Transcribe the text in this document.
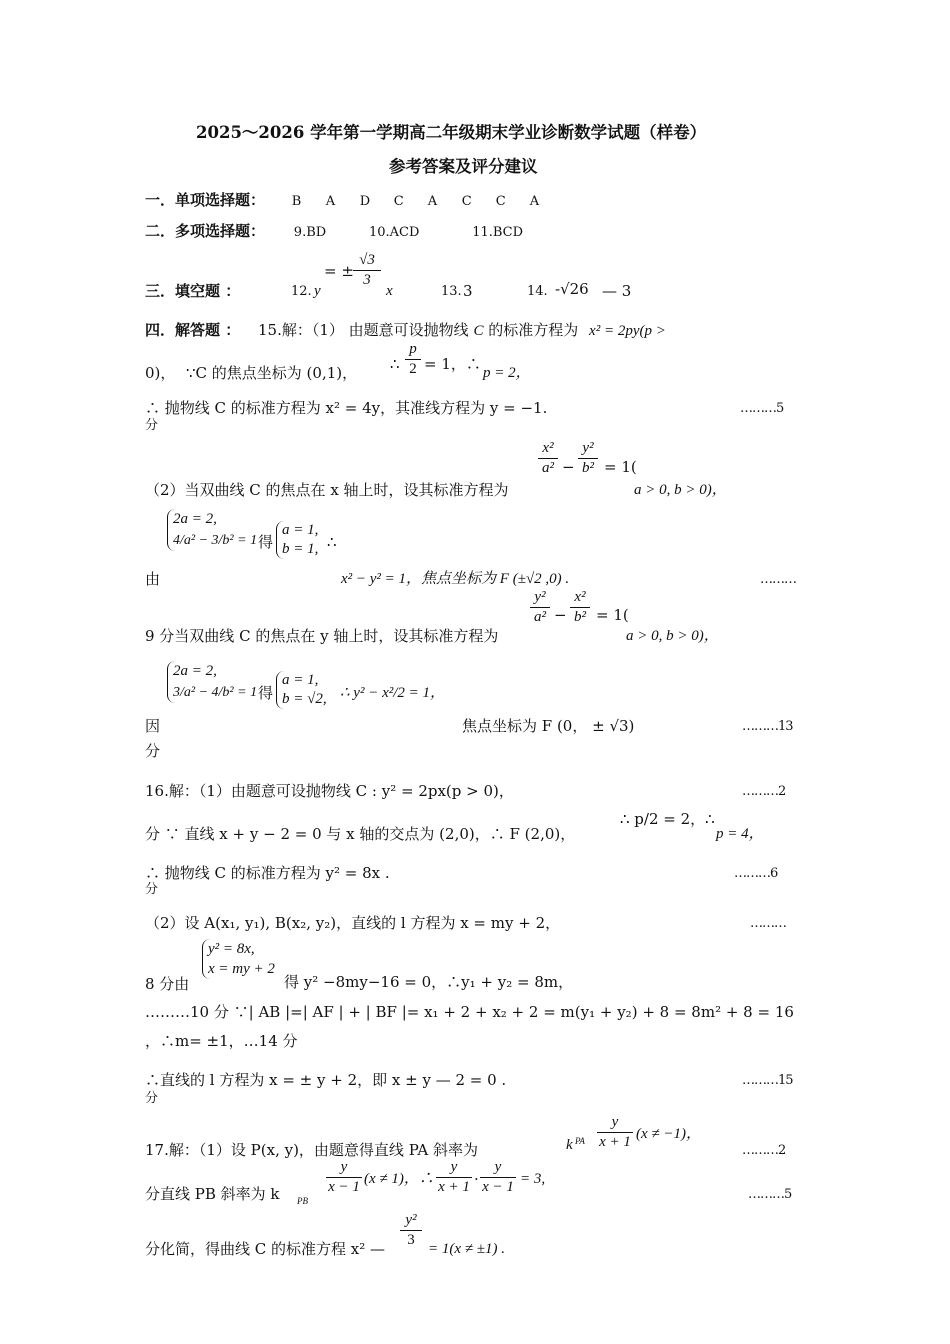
2025～2026 学年第一学期高二年级期末学业诊断数学试题（样卷）
参考答案及评分建议
一．单项选择题： B A D C A C C A
二．多项选择题： 9.BD	10.ACD	11.BCD
三．填空题 ：	12. y
= ±
√3
3
x	13. 3	14. -√26 — 3
四．解答题 ： 15.解：（1） 由题意可设抛物线 C 的标准方程为 x² = 2py(p >
0)， ∵C 的焦点坐标为 (0,1)， ∴
p
2 = 1，∴ p = 2，
∴ 抛物线 C 的标准方程为 x² = 4y，其准线方程为 y = −1.	………5
分
（2）当双曲线 C 的焦点在 x 轴上时，设其标准方程为
x²
a² −
y²
b² = 1(
a > 0, b > 0)，
2a = 2,
4/a² − 3/b² = 1 得
a = 1,
b = 1, ∴
由	x² − y² = 1，焦点坐标为 F (±√2 ,0) .	………
9 分当双曲线 C 的焦点在 y 轴上时，设其标准方程为
y²
a² −
x²
b² = 1(
a > 0, b > 0)，
2a = 2,
3/a² − 4/b² = 1 得
a = 1,
b = √2, ∴ y² − x²/2 = 1，
因
分
焦点坐标为 F (0， ± √3)	………13
16.解：（1）由题意可设抛物线 C : y² = 2px(p > 0)，	………2
分 ∵ 直线 x + y − 2 = 0 与 x 轴的交点为 (2,0)，∴ F (2,0)，
∴ p/2 = 2，∴
p = 4，
∴ 抛物线 C 的标准方程为 y² = 8x .	………6
分
（2）设 A(x₁, y₁), B(x₂, y₂)，直线的 l 方程为 x = my + 2，	………
y² = 8x,
x = my + 2
8 分由	得 y² −8my−16 = 0，∴y₁ + y₂ = 8m，
………10 分 ∵| AB |=| AF | + | BF |= x₁ + 2 + x₂ + 2 = m(y₁ + y₂) + 8 = 8m² + 8 = 16
，∴m= ±1，…14 分
∴直线的 l 方程为 x = ± y + 2，即 x ± y — 2 = 0 .	………15
分
17.解：（1）设 P(x, y)，由题意得直线 PA 斜率为	k PA
y
x + 1 (x ≠ −1)，
………2
分直线 PB 斜率为 k PB
y
x − 1 (x ≠ 1)，∴
y
x + 1 ·
y
x − 1 = 3,
………5
分化简，得曲线 C 的标准方程 x² —
y²
3
= 1(x ≠ ±1) .
